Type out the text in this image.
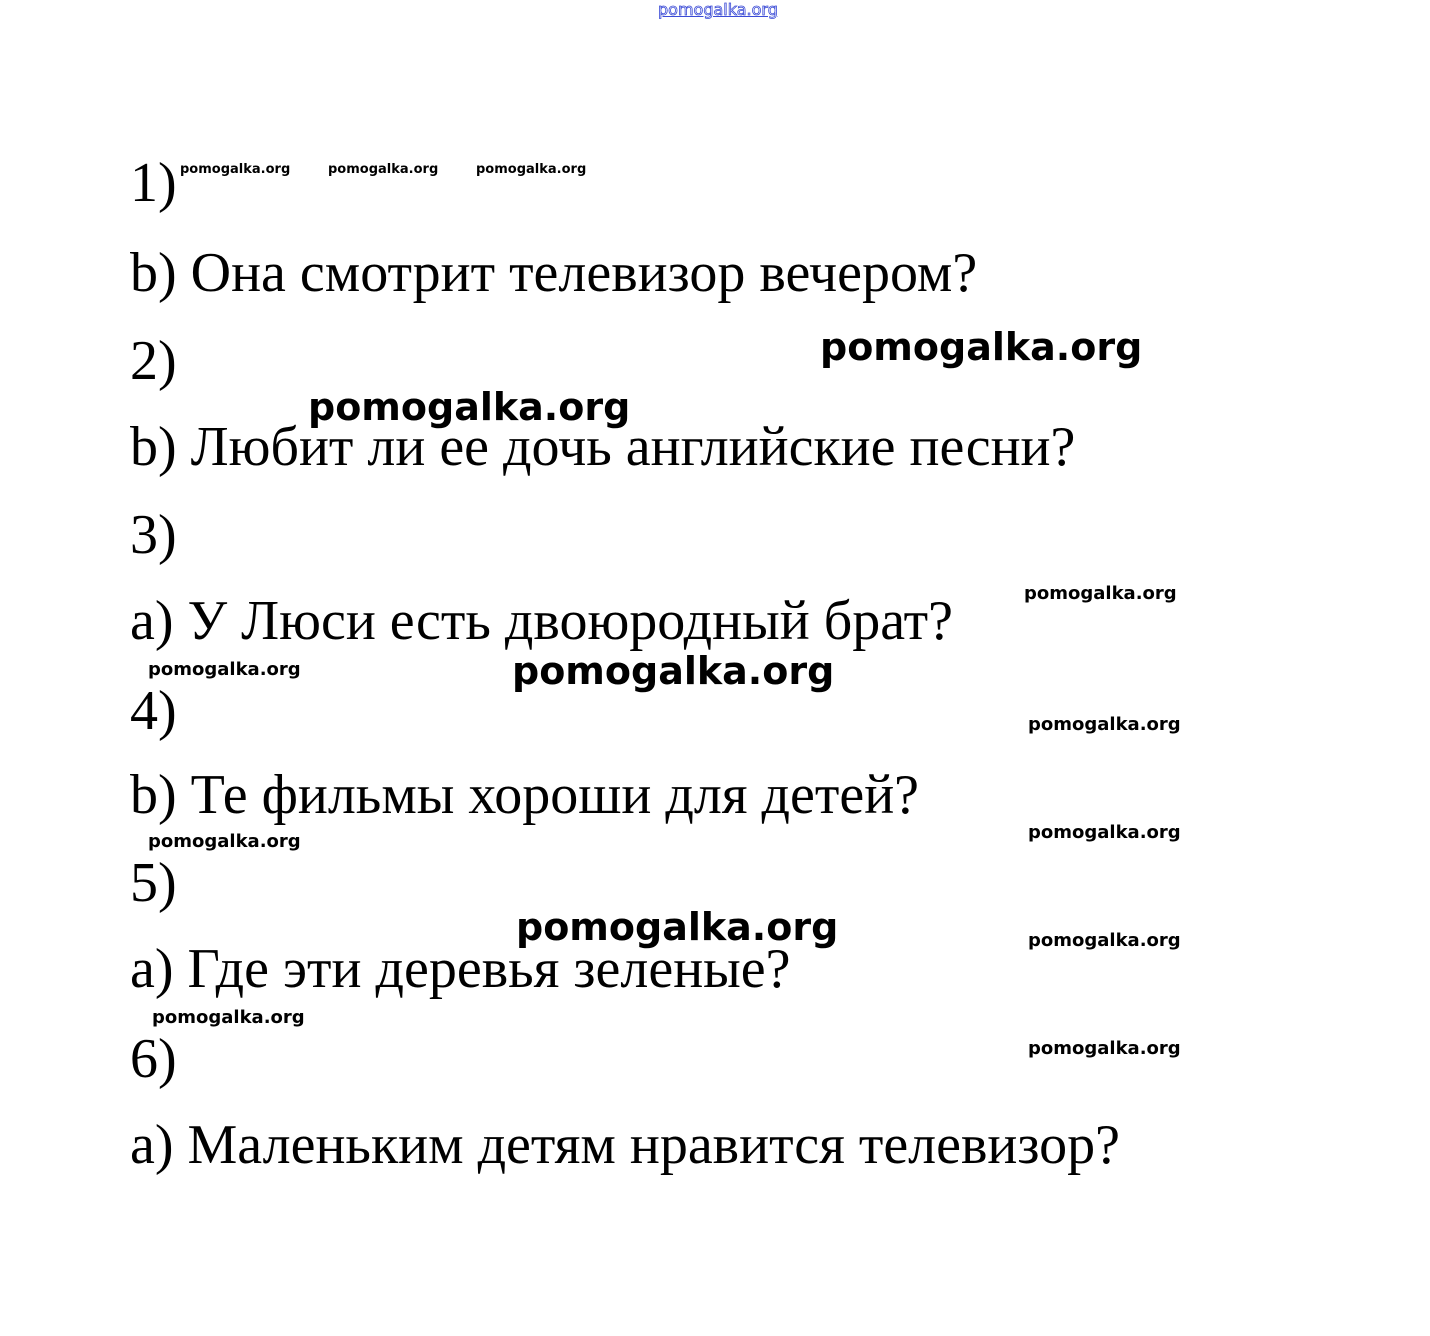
pomogalka.org
1)
b) Она смотрит телевизор вечером?
2)
b) Любит ли ее дочь английские песни?
3)
a) У Люси есть двоюродный брат?
4)
b) Те фильмы хороши для детей?
5)
a) Где эти деревья зеленые?
6)
a) Маленьким детям нравится телевизор?
pomogalka.org	pomogalka.org	pomogalka.org
pomogalka.org
pomogalka.org
pomogalka.org
pomogalka.org	pomogalka.org
pomogalka.org
pomogalka.org	pomogalka.org
pomogalka.org	pomogalka.org
pomogalka.org
pomogalka.org
